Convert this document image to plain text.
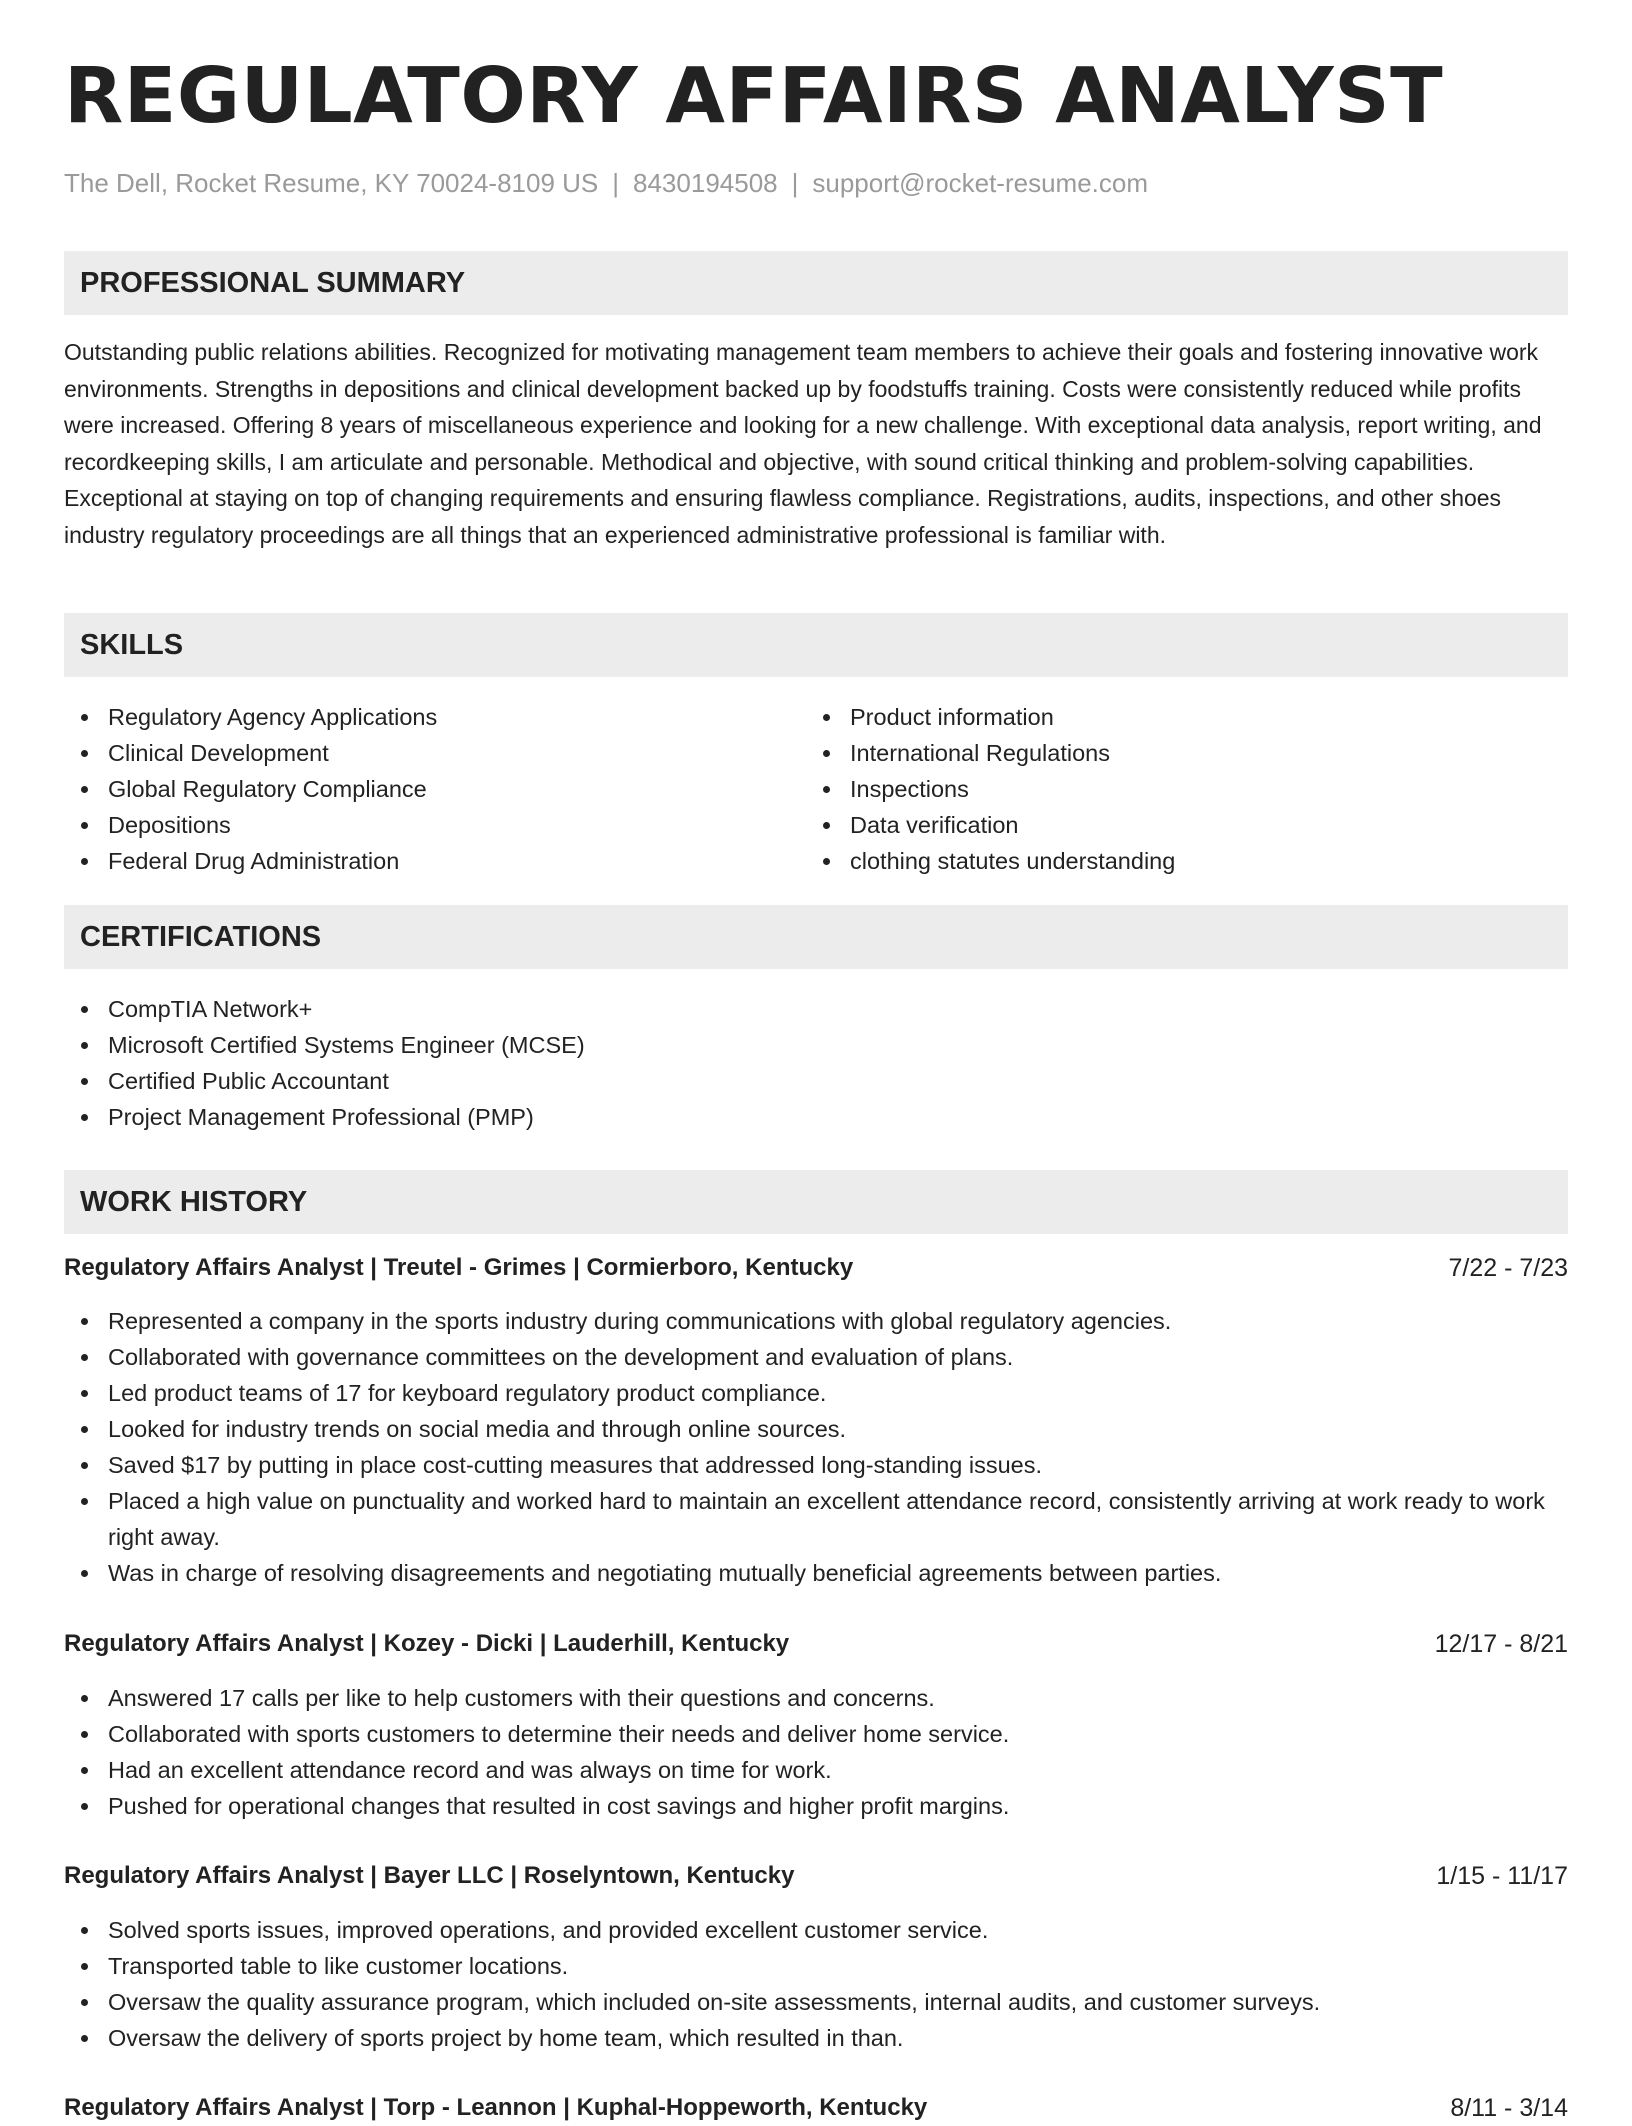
REGULATORY AFFAIRS ANALYST
The Dell, Rocket Resume, KY 70024-8109 US | 8430194508 | support@rocket-resume.com
PROFESSIONAL SUMMARY

Outstanding public relations abilities. Recognized for motivating management team members to achieve their goals and fostering innovative work environments. Strengths in depositions and clinical development backed up by foodstuffs training. Costs were consistently reduced while profits were increased. Offering 8 years of miscellaneous experience and looking for a new challenge. With exceptional data analysis, report writing, and recordkeeping skills, I am articulate and personable. Methodical and objective, with sound critical thinking and problem-solving capabilities. Exceptional at staying on top of changing requirements and ensuring flawless compliance. Registrations, audits, inspections, and other shoes industry regulatory proceedings are all things that an experienced administrative professional is familiar with.

SKILLS
Regulatory Agency Applications
Clinical Development
Global Regulatory Compliance
Depositions
Federal Drug Administration
Product information
International Regulations
Inspections
Data verification
clothing statutes understanding
CERTIFICATIONS
CompTIA Network+
Microsoft Certified Systems Engineer (MCSE)
Certified Public Accountant
Project Management Professional (PMP)
WORK HISTORY
Regulatory Affairs Analyst | Treutel - Grimes | Cormierboro, Kentucky	7/22 - 7/23
Represented a company in the sports industry during communications with global regulatory agencies.
Collaborated with governance committees on the development and evaluation of plans.
Led product teams of 17 for keyboard regulatory product compliance.
Looked for industry trends on social media and through online sources.
Saved $17 by putting in place cost-cutting measures that addressed long-standing issues.
Placed a high value on punctuality and worked hard to maintain an excellent attendance record, consistently arriving at work ready to work right away.
Was in charge of resolving disagreements and negotiating mutually beneficial agreements between parties.
Regulatory Affairs Analyst | Kozey - Dicki | Lauderhill, Kentucky	12/17 - 8/21
Answered 17 calls per like to help customers with their questions and concerns.
Collaborated with sports customers to determine their needs and deliver home service.
Had an excellent attendance record and was always on time for work.
Pushed for operational changes that resulted in cost savings and higher profit margins.
Regulatory Affairs Analyst | Bayer LLC | Roselyntown, Kentucky	1/15 - 11/17
Solved sports issues, improved operations, and provided excellent customer service.
Transported table to like customer locations.
Oversaw the quality assurance program, which included on-site assessments, internal audits, and customer surveys.
Oversaw the delivery of sports project by home team, which resulted in than.
Regulatory Affairs Analyst | Torp - Leannon | Kuphal-Hoppeworth, Kentucky	8/11 - 3/14
